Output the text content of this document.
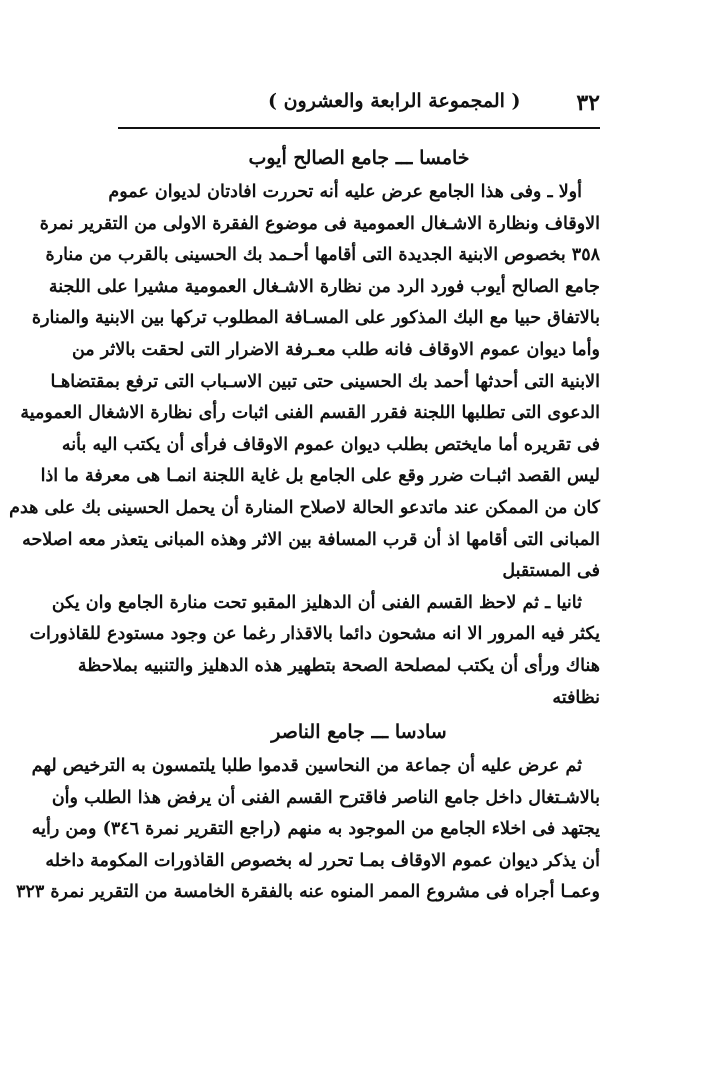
٣٢
( المجموعة الرابعة والعشرون )
خامسا ـــ جامع الصالح أيوب
أولا ـ وفى هذا الجامع عرض عليه أنه تحررت افادتان لديوان عموم
الاوقاف ونظارة الاشـغال العمومية فى موضوع الفقرة الاولى من التقرير نمرة
٣٥٨ بخصوص الابنية الجديدة التى أقامها أحـمد بك الحسينى بالقرب من منارة
جامع الصالح أيوب فورد الرد من نظارة الاشـغال العمومية مشيرا على اللجنة
بالاتفاق حبيا مع البك المذكور على المسـافة المطلوب تركها بين الابنية والمنارة
وأما ديوان عموم الاوقاف فانه طلب معـرفة الاضرار التى لحقت بالاثر من
الابنية التى أحدثها أحمد بك الحسينى حتى تبين الاسـباب التى ترفع بمقتضاهـا
الدعوى التى تطلبها اللجنة فقرر القسم الفنى اثبات رأى نظارة الاشغال العمومية
فى تقريره أما مايختص بطلب ديوان عموم الاوقاف فرأى أن يكتب اليه بأنه
ليس القصد اثبـات ضرر وقع على الجامع بل غاية اللجنة انمـا هى معرفة ما اذا
كان من الممكن عند ماتدعو الحالة لاصلاح المنارة أن يحمل الحسينى بك على هدم
المبانى التى أقامها اذ أن قرب المسافة بين الاثر وهذه المبانى يتعذر معه اصلاحه
فى المستقبل
ثانيا ـ ثم لاحظ القسم الفنى أن الدهليز المقبو تحت منارة الجامع وان يكن
يكثر فيه المرور الا انه مشحون دائما بالاقذار رغما عن وجود مستودع للقاذورات
هناك ورأى أن يكتب لمصلحة الصحة بتطهير هذه الدهليز والتنبيه بملاحظة
نظافته
سادسا ـــ جامع الناصر
ثم عرض عليه أن جماعة من النحاسين قدموا طلبا يلتمسون به الترخيص لهم
بالاشـتغال داخل جامع الناصر فاقترح القسم الفنى أن يرفض هذا الطلب وأن
يجتهد فى اخلاء الجامع من الموجود به منهم (راجع التقرير نمرة ٣٤٦) ومن رأيه
أن يذكر ديوان عموم الاوقاف بمـا تحرر له بخصوص القاذورات المكومة داخله
وعمـا أجراه فى مشروع الممر المنوه عنه بالفقرة الخامسة من التقرير نمرة ٣٢٣
